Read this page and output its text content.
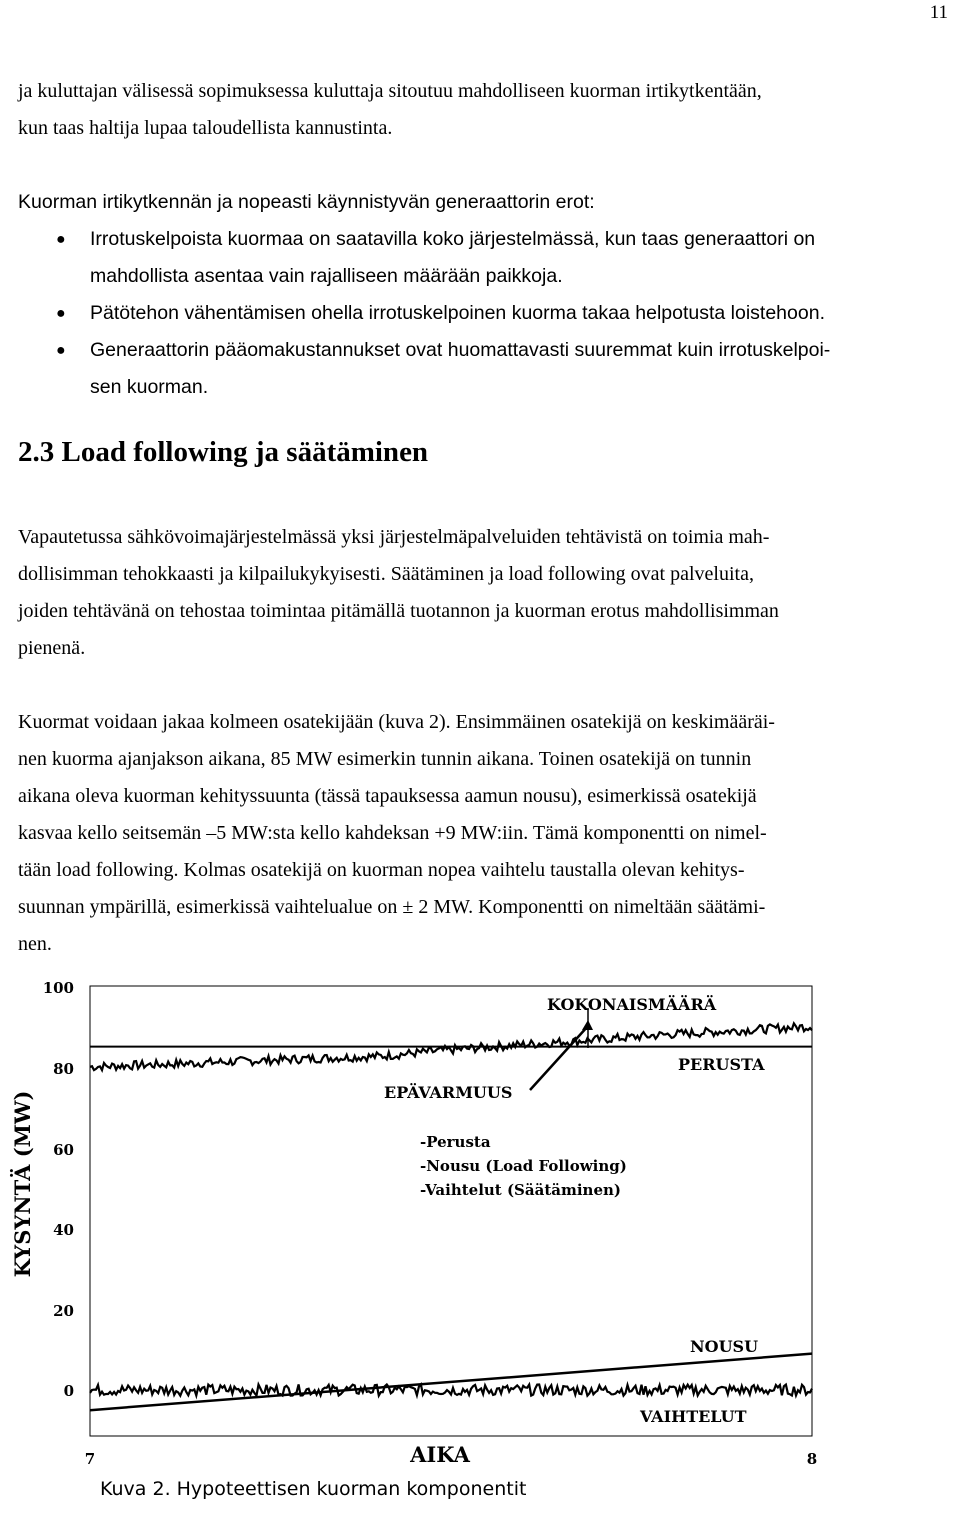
11

ja kuluttajan välisessä sopimuksessa kuluttaja sitoutuu mahdolliseen kuorman irtikytkentään,

kun taas haltija lupaa taloudellista kannustinta.

Kuorman irtikytkennän ja nopeasti käynnistyvän generaattorin erot:

● Irrotuskelpoista kuormaa on saatavilla koko järjestelmässä, kun taas generaattori on
mahdollista asentaa vain rajalliseen määrään paikkoja.
● Pätötehon vähentämisen ohella irrotuskelpoinen kuorma takaa helpotusta loistehoon.
● Generaattorin pääomakustannukset ovat huomattavasti suuremmat kuin irrotuskelpoi-
sen kuorman.
2.3 Load following ja säätäminen

Vapautetussa sähkövoimajärjestelmässä yksi järjestelmäpalveluiden tehtävistä on toimia mah-

dollisimman tehokkaasti ja kilpailukykyisesti. Säätäminen ja load following ovat palveluita,

joiden tehtävänä on tehostaa toimintaa pitämällä tuotannon ja kuorman erotus mahdollisimman

pienenä.

Kuormat voidaan jakaa kolmeen osatekijään (kuva 2). Ensimmäinen osatekijä on keskimääräi-

nen kuorma ajanjakson aikana, 85 MW esimerkin tunnin aikana. Toinen osatekijä on tunnin

aikana oleva kuorman kehityssuunta (tässä tapauksessa aamun nousu), esimerkissä osatekijä

kasvaa kello seitsemän –5 MW:sta kello kahdeksan +9 MW:iin. Tämä komponentti on nimel-

tään load following. Kolmas osatekijä on kuorman nopea vaihtelu taustalla olevan kehitys-

suunnan ympärillä, esimerkissä vaihtelualue on ± 2 MW. Komponentti on nimeltään säätämi-

nen.

100
80
60
40
20
0
KYSYNTÄ (MW)
7	8
AIKA
KOKONAISMÄÄRÄ
PERUSTA
EPÄVARMUUS
-Perusta
-Nousu (Load Following)
-Vaihtelut (Säätäminen)
NOUSU
VAIHTELUT
Kuva 2. Hypoteettisen kuorman komponentit
